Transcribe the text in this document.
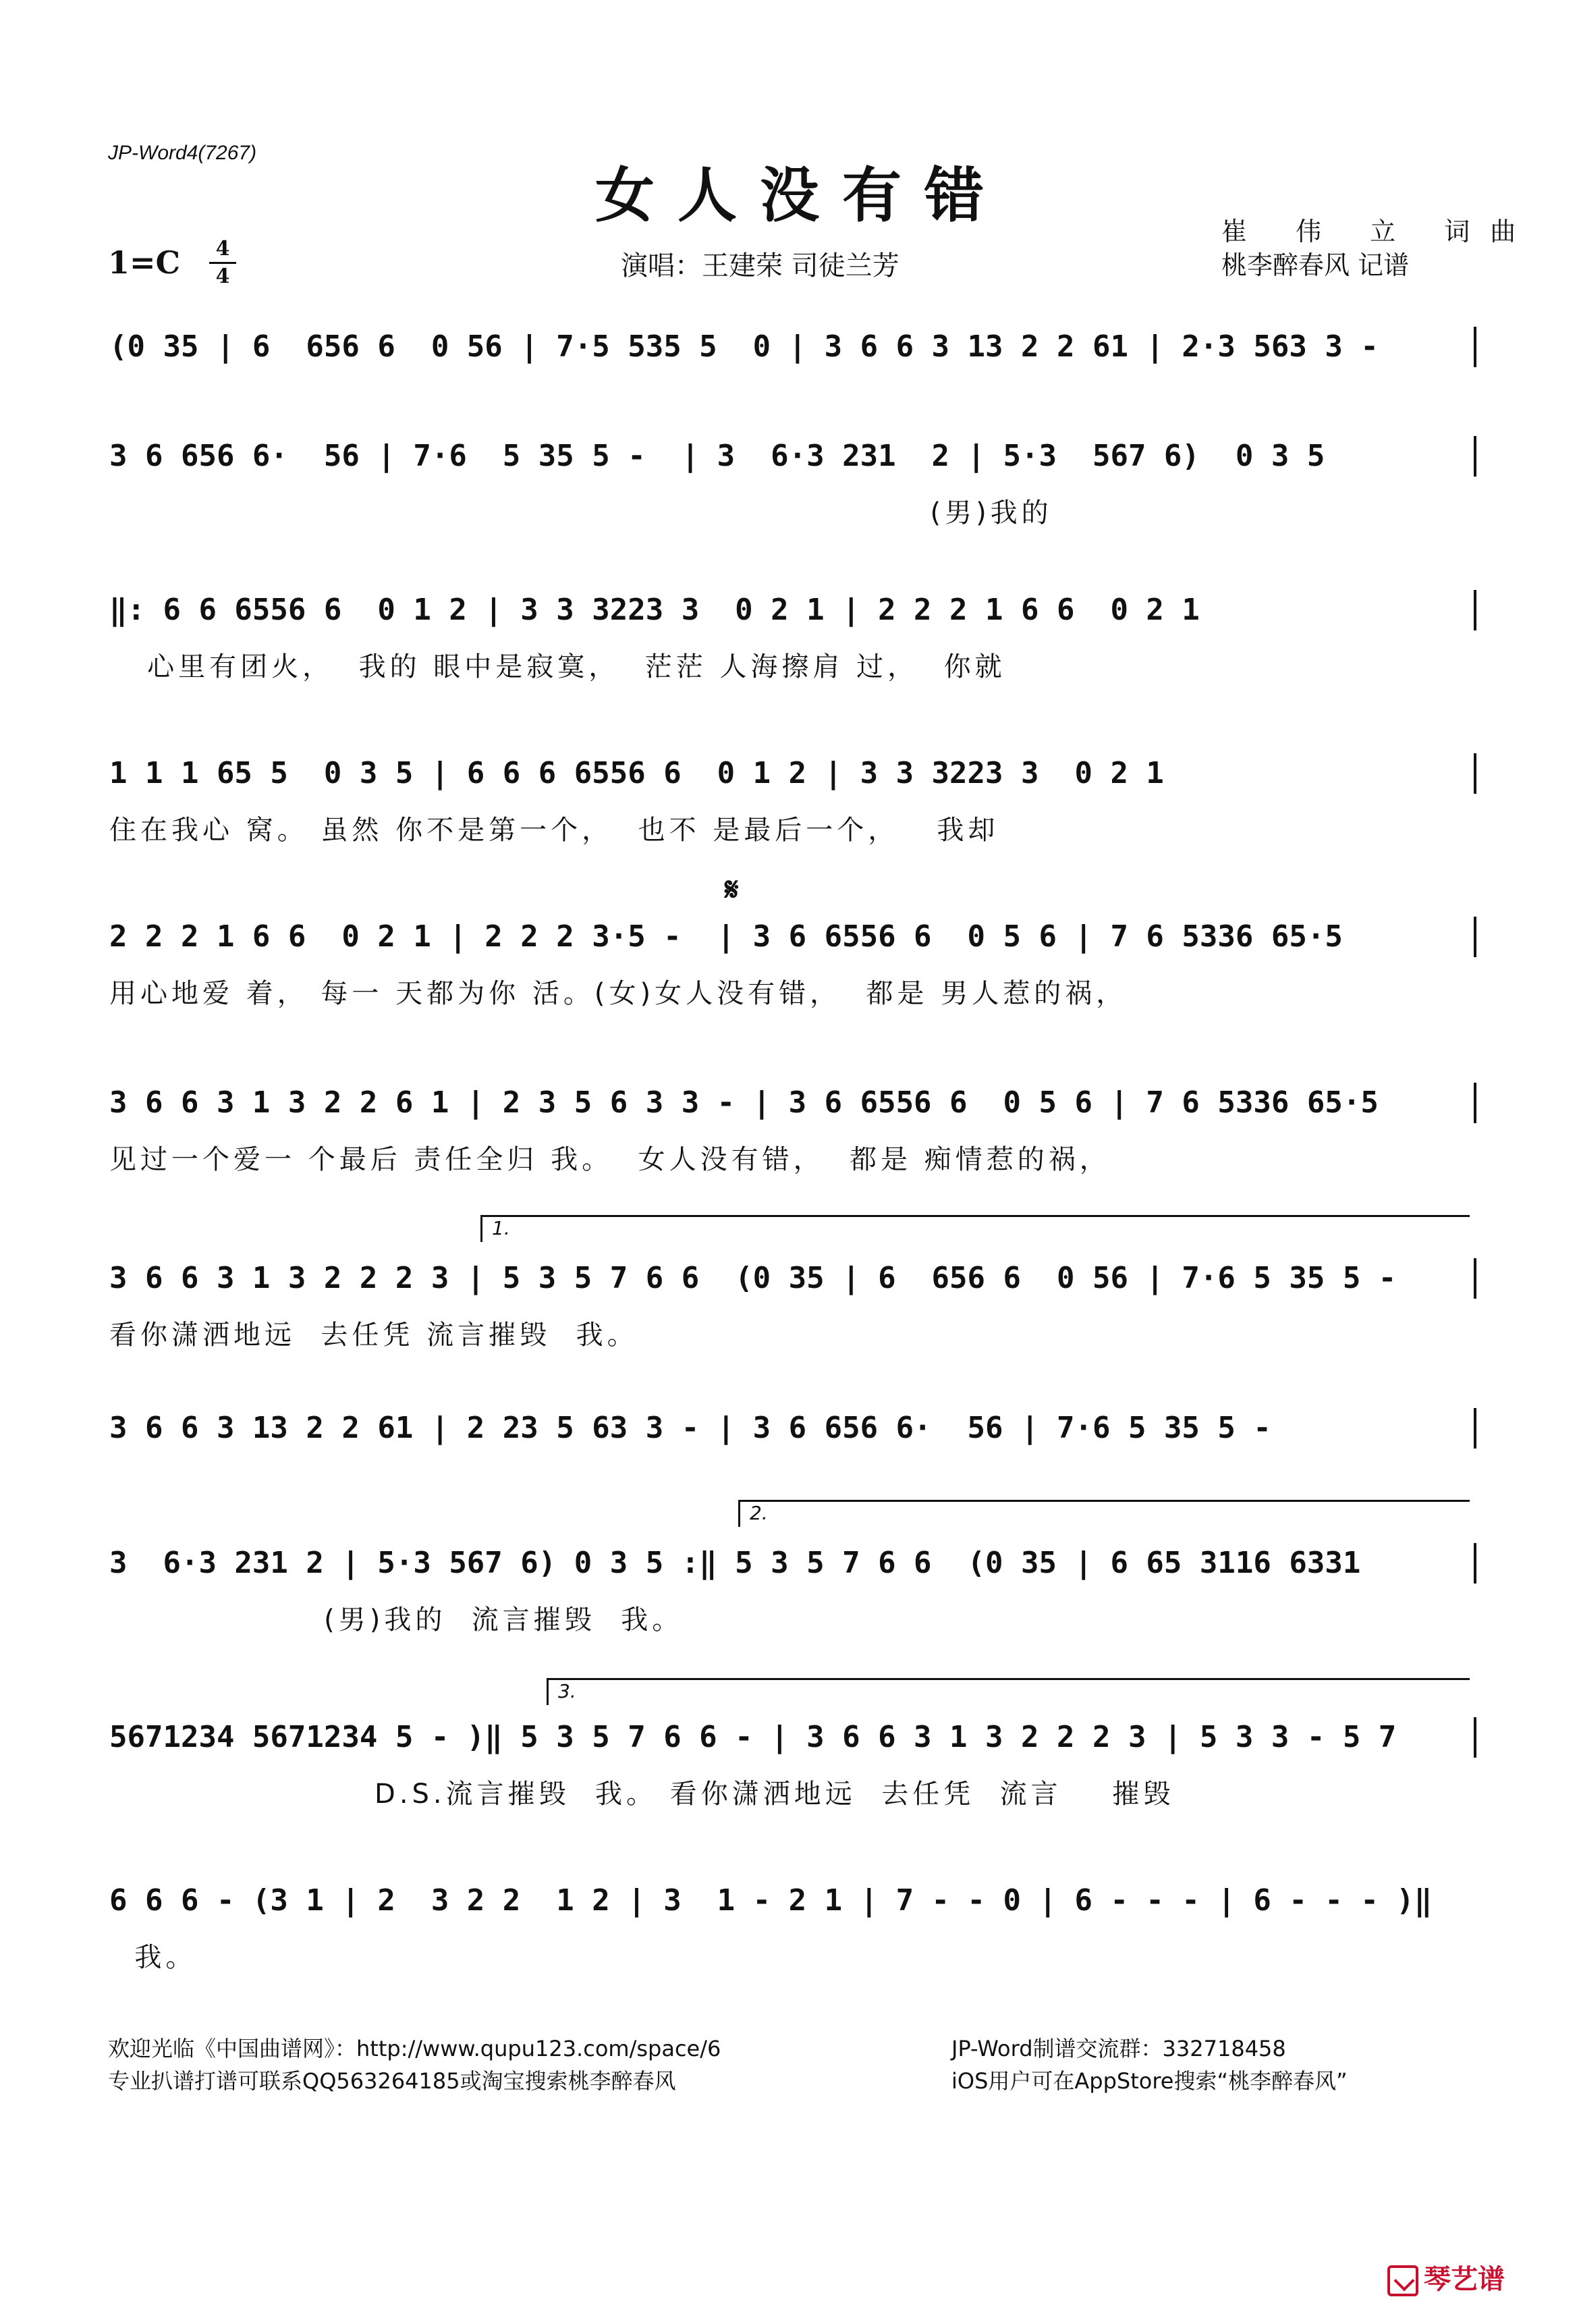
JP-Word4(7267)
女人没有错
1=C	4
4	演唱：王建荣 司徒兰芳
崔 伟 立 词曲
桃李醉春风 记谱
(0 35 | 6  656 6  0 56 | 7·5 535 5  0 | 3 6 6 3 13 2 2 61 | 2·3 563 3 -
3 6 656 6·  56 | 7·6  5 35 5 -  | 3  6·3 231  2 | 5·3  567 6)  0 3 5
(男)我的
‖: 6 6 6556 6  0 1 2 | 3 3 3223 3  0 2 1 | 2 2 2 1 6 6  0 2 1
心里有团火，  我的 眼中是寂寞，  茫茫 人海擦肩 过，  你就
1 1 1 65 5  0 3 5 | 6 6 6 6556 6  0 1 2 | 3 3 3223 3  0 2 1
住在我心 窝。 虽然 你不是第一个，  也不 是最后一个，   我却
𝄋
2 2 2 1 6 6  0 2 1 | 2 2 2 3·5 -  | 3 6 6556 6  0 5 6 | 7 6 5336 65·5
用心地爱 着， 每一 天都为你 活。(女)女人没有错，  都是 男人惹的祸，
3 6 6 3 1 3 2 2 6 1 | 2 3 5 6 3 3 - | 3 6 6556 6  0 5 6 | 7 6 5336 65·5
见过一个爱一 个最后 责任全归 我。  女人没有错，  都是 痴情惹的祸，
1.
3 6 6 3 1 3 2 2 2 3 | 5 3 5 7 6 6  (0 35 | 6  656 6  0 56 | 7·6 5 35 5 -
看你潇洒地远  去任凭 流言摧毁  我。
3 6 6 3 13 2 2 61 | 2 23 5 63 3 - | 3 6 656 6·  56 | 7·6 5 35 5 -
2.
3  6·3 231 2 | 5·3 567 6) 0 3 5 :‖ 5 3 5 7 6 6  (0 35 | 6 65 3116 6331
(男)我的  流言摧毁  我。
3.
5671234 5671234 5 - )‖ 5 3 5 7 6 6 - | 3 6 6 3 1 3 2 2 2 3 | 5 3 3 - 5 7
D.S.流言摧毁  我。 看你潇洒地远  去任凭  流言    摧毁
6 6 6 - (3 1 | 2  3 2 2  1 2 | 3  1 - 2 1 | 7 - - 0 | 6 - - - | 6 - - - )‖
我。
欢迎光临《中国曲谱网》：http://www.qupu123.com/space/6
专业扒谱打谱可联系QQ563264185或淘宝搜索桃李醉春风
JP-Word制谱交流群：332718458
iOS用户可在AppStore搜索“桃李醉春风”
琴艺谱
